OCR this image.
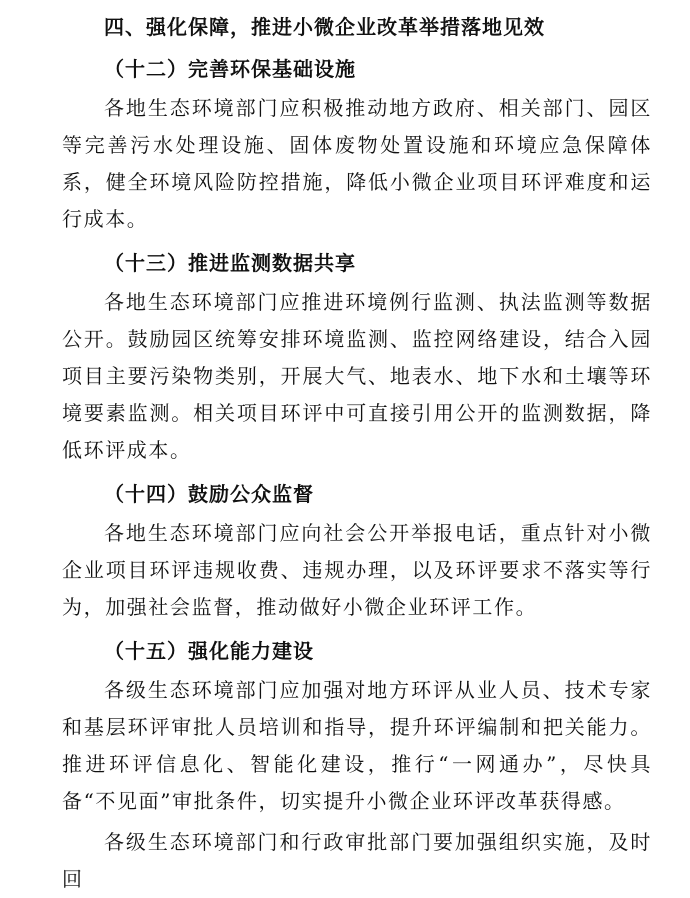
四、强化保障，推进小微企业改革举措落地见效
（十二）完善环保基础设施

各地生态环境部门应积极推动地方政府、相关部门、园区等完善污水处理设施、固体废物处置设施和环境应急保障体系，健全环境风险防控措施，降低小微企业项目环评难度和运行成本。

（十三）推进监测数据共享

各地生态环境部门应推进环境例行监测、执法监测等数据公开。鼓励园区统筹安排环境监测、监控网络建设，结合入园项目主要污染物类别，开展大气、地表水、地下水和土壤等环境要素监测。相关项目环评中可直接引用公开的监测数据，降低环评成本。

（十四）鼓励公众监督

各地生态环境部门应向社会公开举报电话，重点针对小微企业项目环评违规收费、违规办理，以及环评要求不落实等行为，加强社会监督，推动做好小微企业环评工作。

（十五）强化能力建设

各级生态环境部门应加强对地方环评从业人员、技术专家和基层环评审批人员培训和指导，提升环评编制和把关能力。推进环评信息化、智能化建设，推行“一网通办”，尽快具备“不见面”审批条件，切实提升小微企业环评改革获得感。

各级生态环境部门和行政审批部门要加强组织实施，及时回
